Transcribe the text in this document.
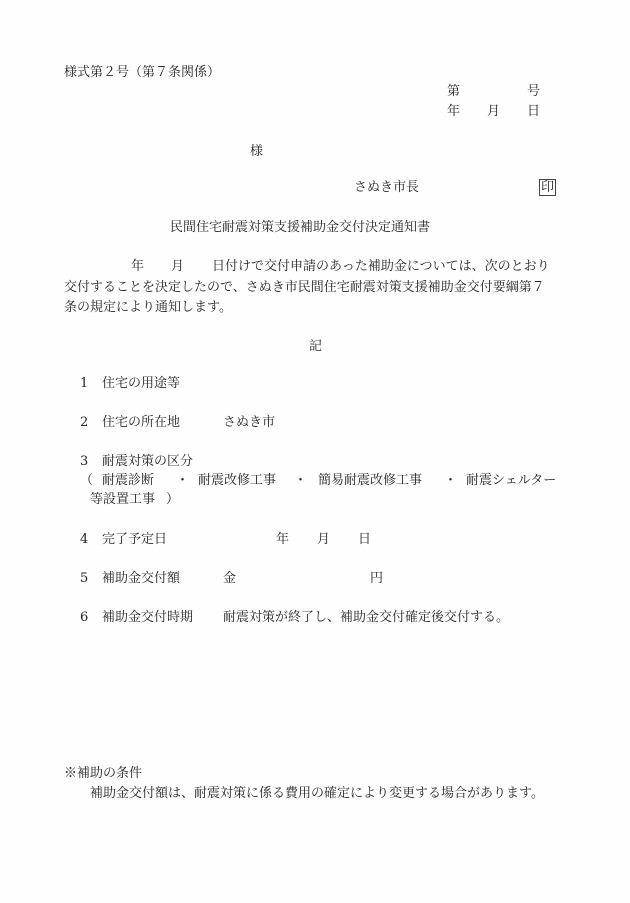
様式第２号（第７条関係）
第	号
年 月 日
様
さぬき市長	印
民間住宅耐震対策支援補助金交付決定通知書
年 月 日付けで交付申請のあった補助金については、次のとおり
交付することを決定したので、さぬき市民間住宅耐震対策支援補助金交付要綱第７
条の規定により通知します。
記
1 住宅の用途等
2 住宅の所在地	さぬき市
3 耐震対策の区分
（ 耐震診断 ・ 耐震改修工事 ・ 簡易耐震改修工事 ・ 耐震シェルター
等設置工事 ）
4 完了予定日	年 月 日
5 補助金交付額	金	円
6 補助金交付時期 耐震対策が終了し、補助金交付確定後交付する。
※補助の条件
補助金交付額は、耐震対策に係る費用の確定により変更する場合があります。
